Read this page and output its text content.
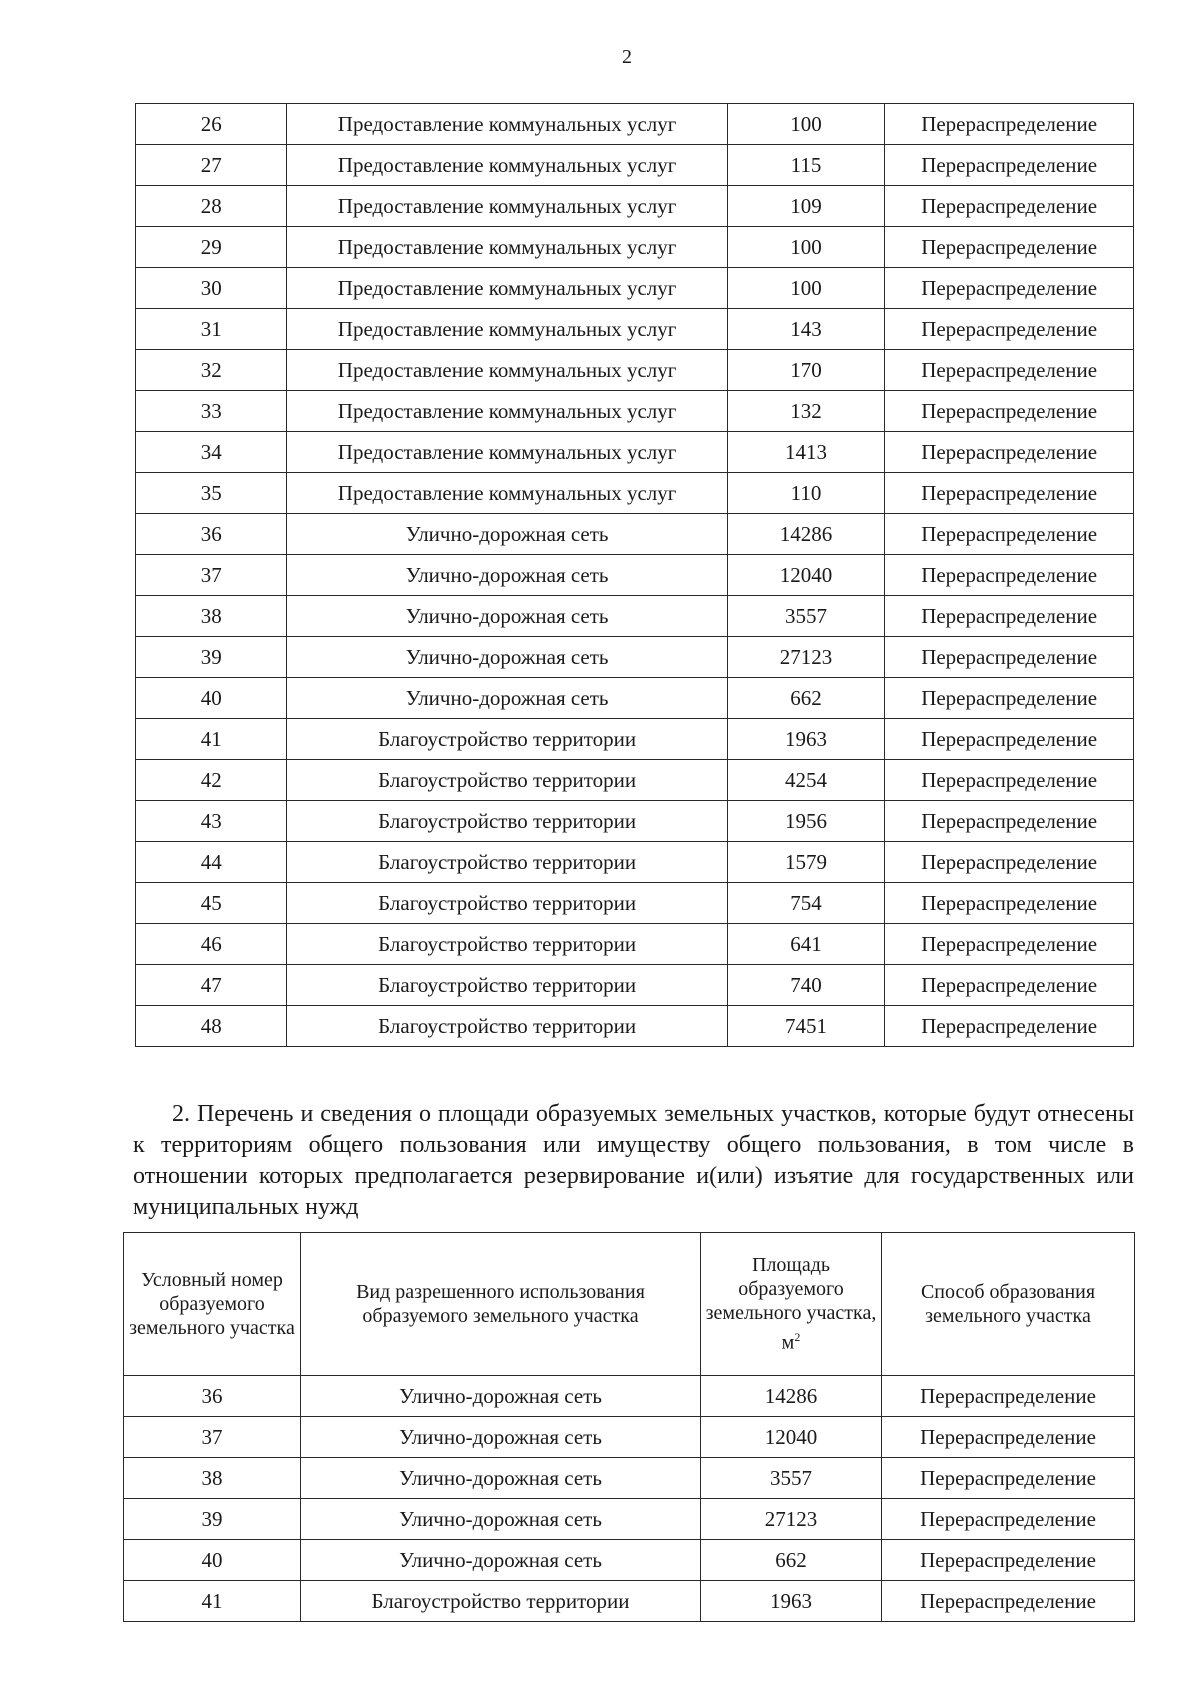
2
26	Предоставление коммунальных услуг	100	Перераспределение
27	Предоставление коммунальных услуг	115	Перераспределение
28	Предоставление коммунальных услуг	109	Перераспределение
29	Предоставление коммунальных услуг	100	Перераспределение
30	Предоставление коммунальных услуг	100	Перераспределение
31	Предоставление коммунальных услуг	143	Перераспределение
32	Предоставление коммунальных услуг	170	Перераспределение
33	Предоставление коммунальных услуг	132	Перераспределение
34	Предоставление коммунальных услуг	1413	Перераспределение
35	Предоставление коммунальных услуг	110	Перераспределение
36	Улично-дорожная сеть	14286	Перераспределение
37	Улично-дорожная сеть	12040	Перераспределение
38	Улично-дорожная сеть	3557	Перераспределение
39	Улично-дорожная сеть	27123	Перераспределение
40	Улично-дорожная сеть	662	Перераспределение
41	Благоустройство территории	1963	Перераспределение
42	Благоустройство территории	4254	Перераспределение
43	Благоустройство территории	1956	Перераспределение
44	Благоустройство территории	1579	Перераспределение
45	Благоустройство территории	754	Перераспределение
46	Благоустройство территории	641	Перераспределение
47	Благоустройство территории	740	Перераспределение
48	Благоустройство территории	7451	Перераспределение
2. Перечень и сведения о площади образуемых земельных участков, которые будут отнесены к территориям общего пользования или имуществу общего пользования, в том числе в отношении которых предполагается резервирование и(или) изъятие для государственных или муниципальных нужд
Условный номер образуемого земельного участка	Вид разрешенного использования образуемого земельного участка	Площадь образуемого земельного участка, $м^2$	Способ образования земельного участка
36	Улично-дорожная сеть	14286	Перераспределение
37	Улично-дорожная сеть	12040	Перераспределение
38	Улично-дорожная сеть	3557	Перераспределение
39	Улично-дорожная сеть	27123	Перераспределение
40	Улично-дорожная сеть	662	Перераспределение
41	Благоустройство территории	1963	Перераспределение
